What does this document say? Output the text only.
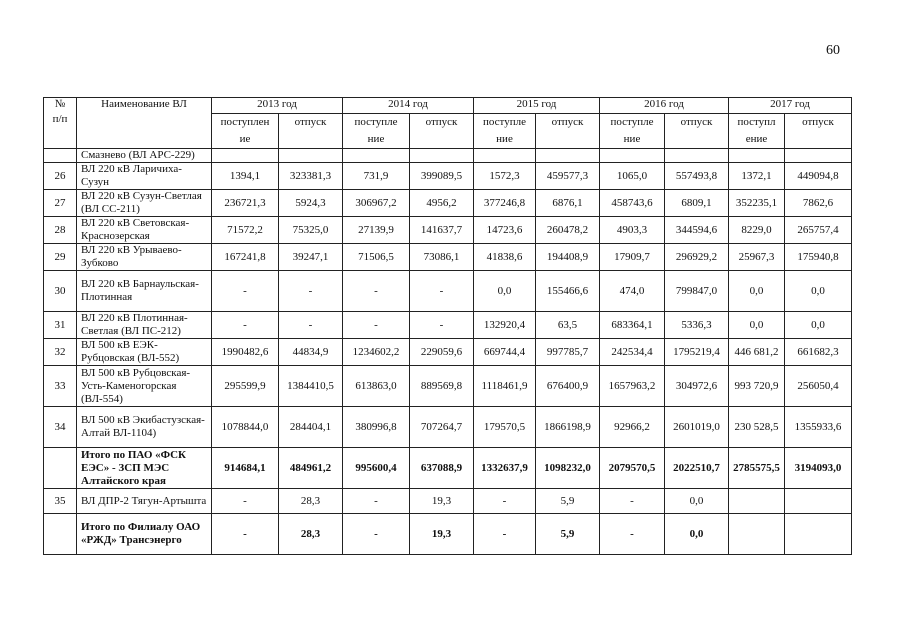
60
№
п/п	Наименование ВЛ	2013 год		2014 год		2015 год		2016 год		2017 год	
		поступлен ие	отпуск	поступле ние	отпуск	поступле ние	отпуск	поступле ние	отпуск	поступл ение	отпуск
	Смазнево (ВЛ АРС-229)										
26	ВЛ 220 кВ Ларичиха-Сузун	1394,1	323381,3	731,9	399089,5	1572,3	459577,3	1065,0	557493,8	1372,1	449094,8
27	ВЛ 220 кВ Сузун-Светлая (ВЛ СС-211)	236721,3	5924,3	306967,2	4956,2	377246,8	6876,1	458743,6	6809,1	352235,1	7862,6
28	ВЛ 220 кВ Световская-Краснозерская	71572,2	75325,0	27139,9	141637,7	14723,6	260478,2	4903,3	344594,6	8229,0	265757,4
29	ВЛ 220 кВ Урываево-Зубково	167241,8	39247,1	71506,5	73086,1	41838,6	194408,9	17909,7	296929,2	25967,3	175940,8
30	ВЛ 220 кВ Барнаульская-Плотинная	-	-	-	-	0,0	155466,6	474,0	799847,0	0,0	0,0
31	ВЛ 220 кВ Плотинная-Светлая (ВЛ ПС-212)	-	-	-	-	132920,4	63,5	683364,1	5336,3	0,0	0,0
32	ВЛ 500 кВ ЕЭК-Рубцовская (ВЛ-552)	1990482,6	44834,9	1234602,2	229059,6	669744,4	997785,7	242534,4	1795219,4	446 681,2	661682,3
33	ВЛ 500 кВ Рубцовская-Усть-Каменогорская (ВЛ-554)	295599,9	1384410,5	613863,0	889569,8	1118461,9	676400,9	1657963,2	304972,6	993 720,9	256050,4
34	ВЛ 500 кВ Экибастузская-Алтай ВЛ-1104)	1078844,0	284404,1	380996,8	707264,7	179570,5	1866198,9	92966,2	2601019,0	230 528,5	1355933,6
	Итого по ПАО «ФСК ЕЭС» - ЗСП МЭС Алтайского края	914684,1	484961,2	995600,4	637088,9	1332637,9	1098232,0	2079570,5	2022510,7	2785575,5	3194093,0
35	ВЛ ДПР-2 Тягун-Артышта	-	28,3	-	19,3	-	5,9	-	0,0		
	Итого по Филиалу ОАО «РЖД» Трансэнерго	-	28,3	-	19,3	-	5,9	-	0,0		
